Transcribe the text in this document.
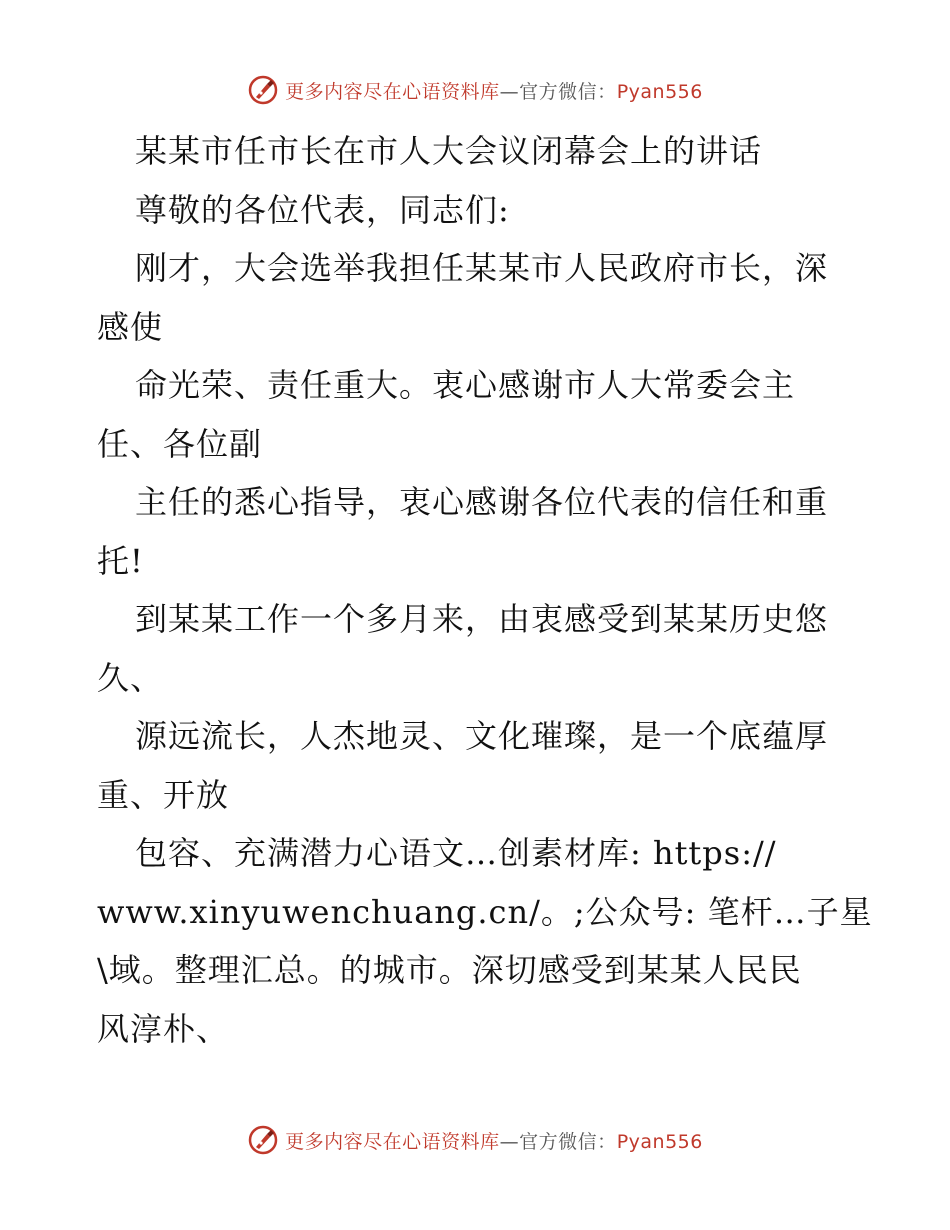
更多内容尽在心语资料库—官方微信：Pyan556
某某市任市长在市人大会议闭幕会上的讲话
尊敬的各位代表，同志们:
刚才，大会选举我担任某某市人民政府市长，深
感使
命光荣、责任重大。衷心感谢市人大常委会主
任、各位副
主任的悉心指导，衷心感谢各位代表的信任和重
托!
到某某工作一个多月来，由衷感受到某某历史悠
久、
源远流长，人杰地灵、文化璀璨，是一个底蕴厚
重、开放
包容、充满潜力心语文…创素材库: https://
www.xinyuwenchuang.cn/。;公众号: 笔杆…子星
\域。整理汇总。的城市。深切感受到某某人民民
风淳朴、
更多内容尽在心语资料库—官方微信：Pyan556
